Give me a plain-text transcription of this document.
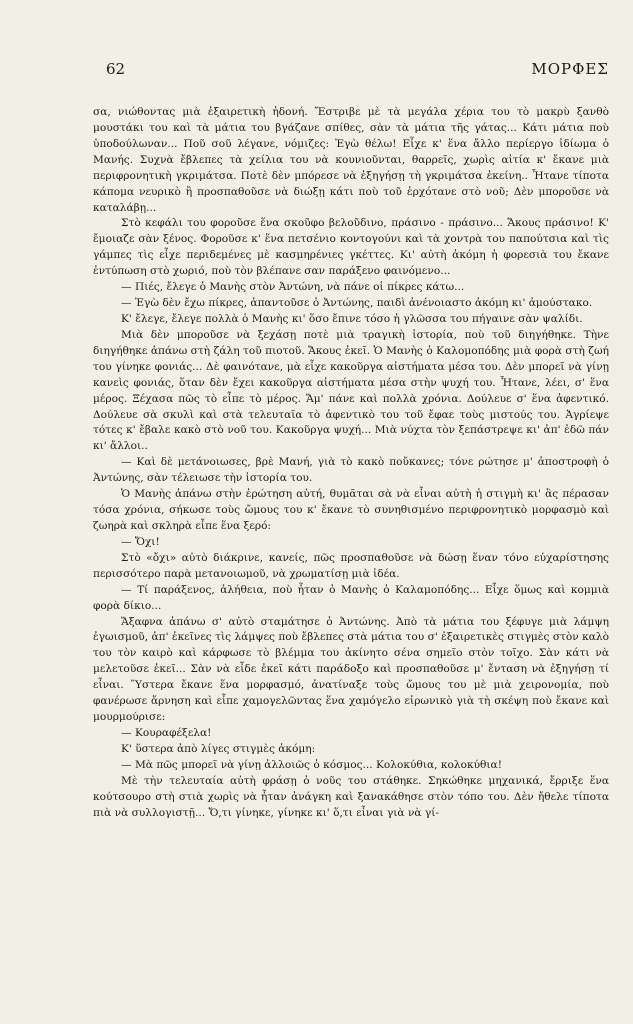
62	ΜΟΡΦΕΣ

σα, νιώθοντας μιὰ ἐξαιρετικὴ ἡδονή. Ἔστριβε μὲ τὰ μεγάλα χέρια του τὸ μακρὺ ξανθὸ μουστάκι του καὶ τὰ μάτια του βγάζανε σπίθες, σὰν τὰ μάτια τῆς γάτας... Κάτι μάτια ποὺ ὑποδούλωναν... Ποῦ σοῦ λέγανε, νόμιζες: Ἐγὼ θέλω! Εἶχε κ' ἕνα ἄλλο περίεργο ἰδίωμα ὁ Μανής. Συχνὰ ἔβλεπες τὰ χείλια του νὰ κουνιοῦνται, θαρρεῖς, χωρὶς αἰτία κ' ἔκανε μιὰ περιφρονητικὴ γκριμάτσα. Ποτὲ δὲν μπόρεσε νὰ ἐξηγήσῃ τὴ γκριμάτσα ἐκείνη.. Ἦτανε τίποτα κάπομα νευρικὸ ἢ προσπαθοῦσε νὰ διώξῃ κάτι ποὺ τοῦ ἐρχότανε στὸ νοῦ; Δὲν μποροῦσε νὰ καταλάβῃ...

Στὸ κεφάλι του φοροῦσε ἕνα σκοῦφο βελοῦδινο, πράσινο - πράσινο... Ἄκους πράσινο! Κ' ἔμοιαζε σὰν ξένος. Φοροῦσε κ' ἕνα πετσένιο κοντογούνι καὶ τὰ χοντρὰ του παπούτσια καὶ τὶς γάμπες τὶς εἶχε περιδεμένες μὲ κασμηρένιες γκέττες. Κι' αὐτὴ ἀκόμη ἡ φορεσιὰ του ἔκανε ἐντύπωση στὸ χωριό, ποὺ τὸν βλέπανε σαν παράξενο φαινόμενο...

— Πιές, ἔλεγε ὁ Μανὴς στὸν Ἀντώνη, νὰ πάνε οἱ πίκρες κάτω...

— Ἐγὼ δὲν ἔχω πίκρες, ἀπαντοῦσε ὁ Ἀντώνης, παιδὶ ἀνένοιαστο ἀκόμη κι' ἀμούστακο.

Κ' ἔλεγε, ἔλεγε πολλὰ ὁ Μανὴς κι' ὅσο ἔπινε τόσο ἡ γλῶσσα του πήγαινε σὰν ψαλίδι.

Μιὰ δὲν μποροῦσε νὰ ξεχάσῃ ποτὲ μιὰ τραγικὴ ἱστορία, ποὺ τοῦ διηγήθηκε. Τὴνε διηγήθηκε ἀπάνω στὴ ζάλη τοῦ πιοτοῦ. Ἄκους ἐκεῖ. Ὁ Μανὴς ὁ Καλομοπόδης μιὰ φορὰ στὴ ζωή του γίνηκε φονιάς... Δὲ φαινότανε, μὰ εἶχε κακοῦργα αἰστήματα μέσα του. Δὲν μπορεῖ νὰ γίνῃ κανεὶς φονιάς, ὅταν δὲν ἔχει κακοῦργα αἰστήματα μέσα στὴν ψυχή του. Ἦτανε, λέει, σ' ἕνα μέρος. Ξέχασα πῶς τὸ εἶπε τὸ μέρος. Ἄμ' πάνε καὶ πολλὰ χρόνια. Δούλευε σ' ἕνα ἀφεντικό. Δούλευε σὰ σκυλὶ καὶ στὰ τελευταῖα τὸ ἀφεντικὸ του τοῦ ἔφαε τοὺς μιστούς του. Ἀγρίεψε τότες κ' ἔβαλε κακὸ στὸ νοῦ του. Κακοῦργα ψυχή... Μιὰ νύχτα τὸν ξεπάστρεψε κι' ἀπ' ἐδῶ πάν κι' ἄλλοι..

— Καὶ δὲ μετάνοιωσες, βρὲ Μανή, γιὰ τὸ κακὸ ποὔκανες; τόνε ρώτησε μ' ἀποστροφὴ ὁ Ἀντώνης, σὰν τέλειωσε τὴν ἱστορία του.

Ὁ Μανὴς ἀπάνω στὴν ἐρώτηση αὐτή, θυμᾶται σὰ νὰ εἶναι αὐτὴ ἡ στιγμὴ κι' ἃς πέρασαν τόσα χρόνια, σήκωσε τοὺς ὤμους του κ' ἔκανε τὸ συνηθισμένο περιφρονητικὸ μορφασμὸ καὶ ζωηρὰ καὶ σκληρὰ εἶπε ἕνα ξερό:

— Ὄχι!

Στὸ «ὄχι» αὐτὸ διάκρινε, κανείς, πῶς προσπαθοῦσε νὰ δώσῃ ἕναν τόνο εὐχαρίστησης περισσότερο παρὰ μετανοιωμοῦ, νὰ χρωματίσῃ μιὰ ἰδέα.

— Τί παράξενος, ἀλήθεια, ποὺ ἦταν ὁ Μανὴς ὁ Καλαμοπόδης... Εἶχε ὅμως καὶ κομμιὰ φορὰ δίκιο...

Ἄξαφνα ἀπάνω σ' αὐτὸ σταμάτησε ὁ Ἀντώνης. Ἀπὸ τὰ μάτια του ξέφυγε μιὰ λάμψη ἐγωισμοῦ, ἀπ' ἐκεῖνες τὶς λάμψες ποὺ ἔβλεπες στὰ μάτια του σ' ἐξαιρετικὲς στιγμὲς στὸν καλὸ του τὸν καιρὸ καὶ κάρφωσε τὸ βλέμμα του ἀκίνητο σένα σημεῖο στὸν τοῖχο. Σὰν κάτι νὰ μελετοῦσε ἐκεῖ... Σὰν νὰ εἶδε ἐκεῖ κάτι παράδοξο καὶ προσπαθοῦσε μ' ἔνταση νὰ ἐξηγήσῃ τί εἶναι. Ὕστερα ἔκανε ἕνα μορφασμό, ἀνατίναξε τοὺς ὤμους του μὲ μιὰ χειρονομία, ποὺ φανέρωσε ἄρνηση καὶ εἶπε χαμογελῶντας ἕνα χαμόγελο εἰρωνικὸ γιὰ τὴ σκέψη ποὺ ἔκανε καὶ μουρμούρισε:

— Κουραφέξελα!

Κ' ὕστερα ἀπὸ λίγες στιγμὲς ἀκόμη:

— Μὰ πῶς μπορεῖ νὰ γίνῃ ἀλλοιῶς ὁ κόσμος... Κολοκύθια, κολοκύθια!

Μὲ τὴν τελευταία αὐτὴ φράσῃ ὁ νοῦς του στάθηκε. Σηκώθηκε μηχανικά, ἔρριξε ἕνα κούτσουρο στὴ στιὰ χωρὶς νὰ ἦταν ἀνάγκη καὶ ξανακάθησε στὸν τόπο του. Δὲν ἤθελε τίποτα πιὰ νὰ συλλογιστῇ... Ὄ,τι γίνηκε, γίνηκε κι' ὅ,τι εἶναι γιὰ νὰ γί-
